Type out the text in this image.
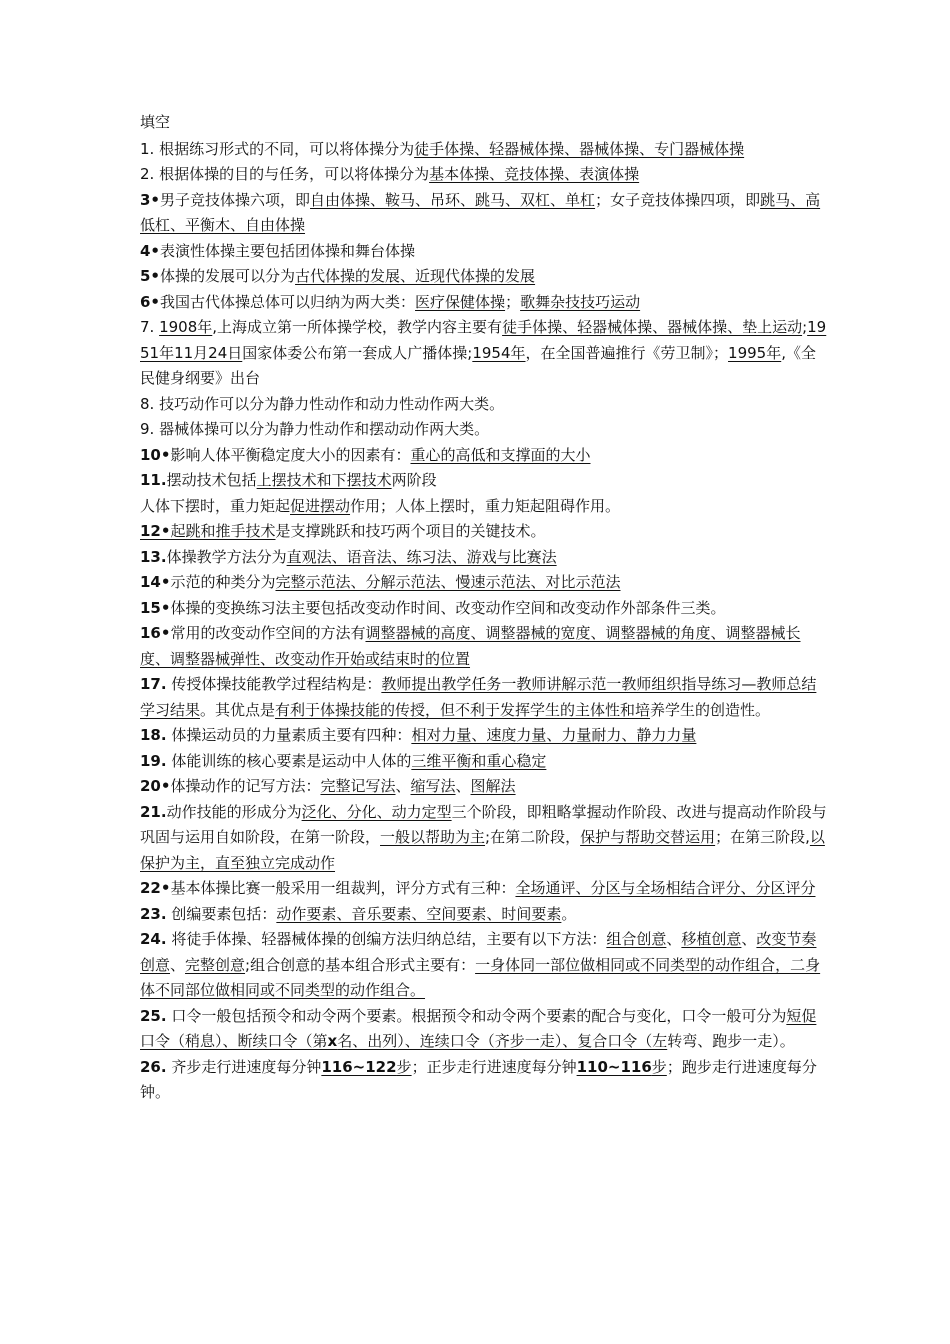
填空

1. 根据练习形式的不同，可以将体操分为徒手体操、轻器械体操、器械体操、专门器械体操

2. 根据体操的目的与任务，可以将体操分为基本体操、竞技体操、表演体操

3•男子竞技体操六项，即自由体操、鞍马、吊环、跳马、双杠、单杠；女子竞技体操四项，即跳马、高低杠、平衡木、自由体操

4•表演性体操主要包括团体操和舞台体操

5•体操的发展可以分为古代体操的发展、近现代体操的发展

6•我国古代体操总体可以归纳为两大类：医疗保健体操；歌舞杂技技巧运动

7. 1908年,上海成立第一所体操学校，教学内容主要有徒手体操、轻器械体操、器械体操、垫上运动;1951年11月24日国家体委公布第一套成人广播体操;1954年，在全国普遍推行《劳卫制》；1995年,《全民健身纲要》出台

8. 技巧动作可以分为静力性动作和动力性动作两大类。

9. 器械体操可以分为静力性动作和摆动动作两大类。

10•影响人体平衡稳定度大小的因素有：重心的高低和支撑面的大小

11.摆动技术包括上摆技术和下摆技术两阶段

人体下摆时，重力矩起促进摆动作用；人体上摆时，重力矩起阻碍作用。

12•起跳和推手技术是支撑跳跃和技巧两个项目的关键技术。

13.体操教学方法分为直观法、语音法、练习法、游戏与比赛法

14•示范的种类分为完整示范法、分解示范法、慢速示范法、对比示范法

15•体操的变换练习法主要包括改变动作时间、改变动作空间和改变动作外部条件三类。

16•常用的改变动作空间的方法有调整器械的高度、调整器械的宽度、调整器械的角度、调整器械长度、调整器械弹性、改变动作开始或结束时的位置

17. 传授体操技能教学过程结构是：教师提出教学任务一教师讲解示范一教师组织指导练习—教师总结学习结果。其优点是有利于体操技能的传授，但不利于发挥学生的主体性和培养学生的创造性。

18. 体操运动员的力量素质主要有四种：相对力量、速度力量、力量耐力、静力力量

19. 体能训练的核心要素是运动中人体的三维平衡和重心稳定

20•体操动作的记写方法：完整记写法、缩写法、图解法

21.动作技能的形成分为泛化、分化、动力定型三个阶段，即粗略掌握动作阶段、改进与提高动作阶段与巩固与运用自如阶段，在第一阶段，一般以帮助为主;在第二阶段，保护与帮助交替运用；在第三阶段,以保护为主，直至独立完成动作

22•基本体操比赛一般采用一组裁判，评分方式有三种：全场通评、分区与全场相结合评分、分区评分

23. 创编要素包括：动作要素、音乐要素、空间要素、时间要素。

24. 将徒手体操、轻器械体操的创编方法归纳总结，主要有以下方法：组合创意、移植创意、改变节奏创意、完整创意;组合创意的基本组合形式主要有：一身体同一部位做相同或不同类型的动作组合，二身体不同部位做相同或不同类型的动作组合。

25. 口令一般包括预令和动令两个要素。根据预令和动令两个要素的配合与变化，口令一般可分为短促口令（稍息）、断续口令（第x名、出列）、连续口令（齐步一走）、复合口令（左转弯、跑步一走）。

26. 齐步走行进速度每分钟116~122步；正步走行进速度每分钟110~116步；跑步走行进速度每分钟。
